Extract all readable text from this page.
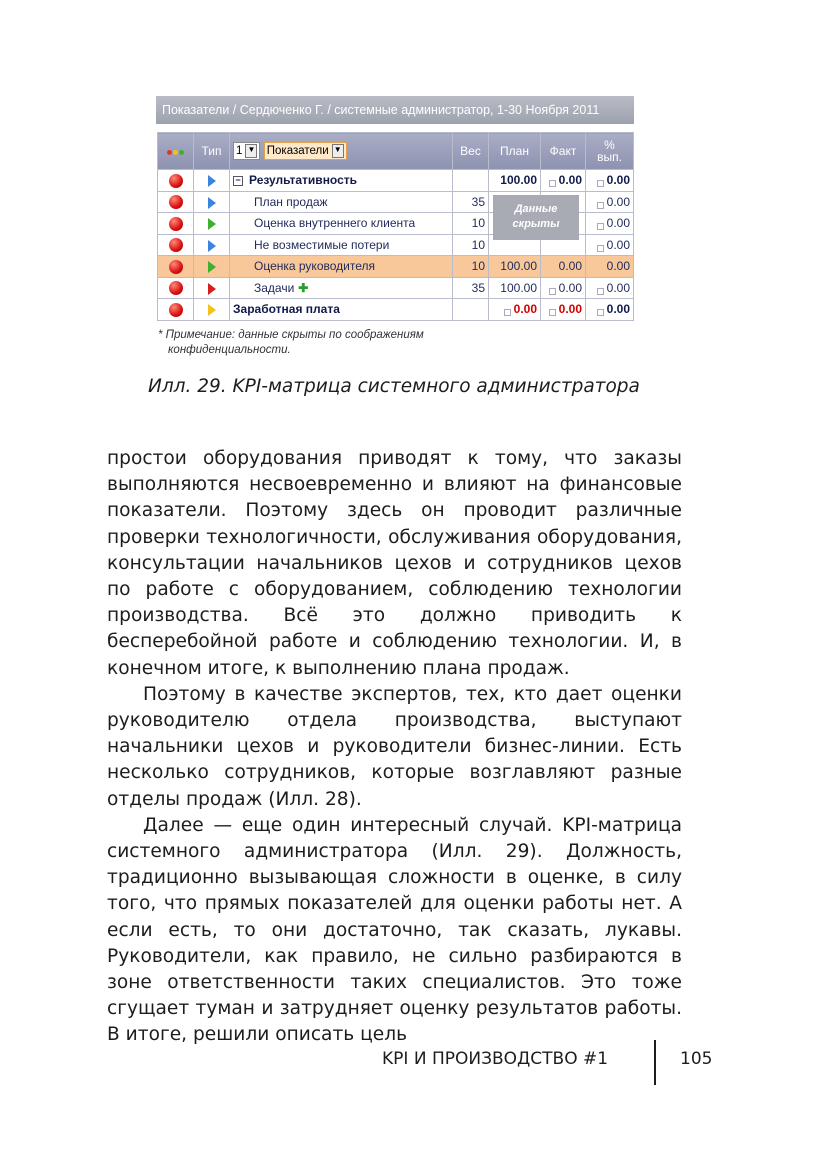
Показатели / Сердюченко Г. / системные администратор, 1-30 Ноября 2011
	Тип	1 ▼ Показатели ▼	Вес	План	Факт	%
вып.
		− Результативность		100.00	0.00	0.00
		План продаж	35			0.00
		Оценка внутреннего клиента	10			0.00
		Не возместимые потери	10			0.00
		Оценка руководителя	10	100.00	0.00	0.00
		Задачи ✚	35	100.00	0.00	0.00
		Заработная плата		0.00	0.00	0.00
Данные
скрыты
* Примечание: данные скрыты по соображениям
конфиденциальности.
Илл. 29. KPI-матрица системного администратора

простои оборудования приводят к тому, что заказы выполняются несвоевременно и влияют на финансовые показатели. Поэтому здесь он проводит различные проверки технологичности, обслуживания оборудования, консультации начальников цехов и сотрудников цехов по работе с оборудованием, соблюдению технологии производства. Всё это должно приводить к бесперебойной работе и соблюдению технологии. И, в конечном итоге, к выполнению плана продаж.

Поэтому в качестве экспертов, тех, кто дает оценки руководителю отдела производства, выступают начальники цехов и руководители бизнес-линии. Есть несколько сотрудников, которые возглавляют разные отделы продаж (Илл. 28).

Далее — еще один интересный случай. KPI-матрица системного администратора (Илл. 29). Должность, традиционно вызывающая сложности в оценке, в силу того, что прямых показателей для оценки работы нет. А если есть, то они достаточно, так сказать, лукавы. Руководители, как правило, не сильно разбираются в зоне ответственности таких специалистов. Это тоже сгущает туман и затрудняет оценку результатов работы. В итоге, решили описать цель

KPI И ПРОИЗВОДСТВО #1	105
